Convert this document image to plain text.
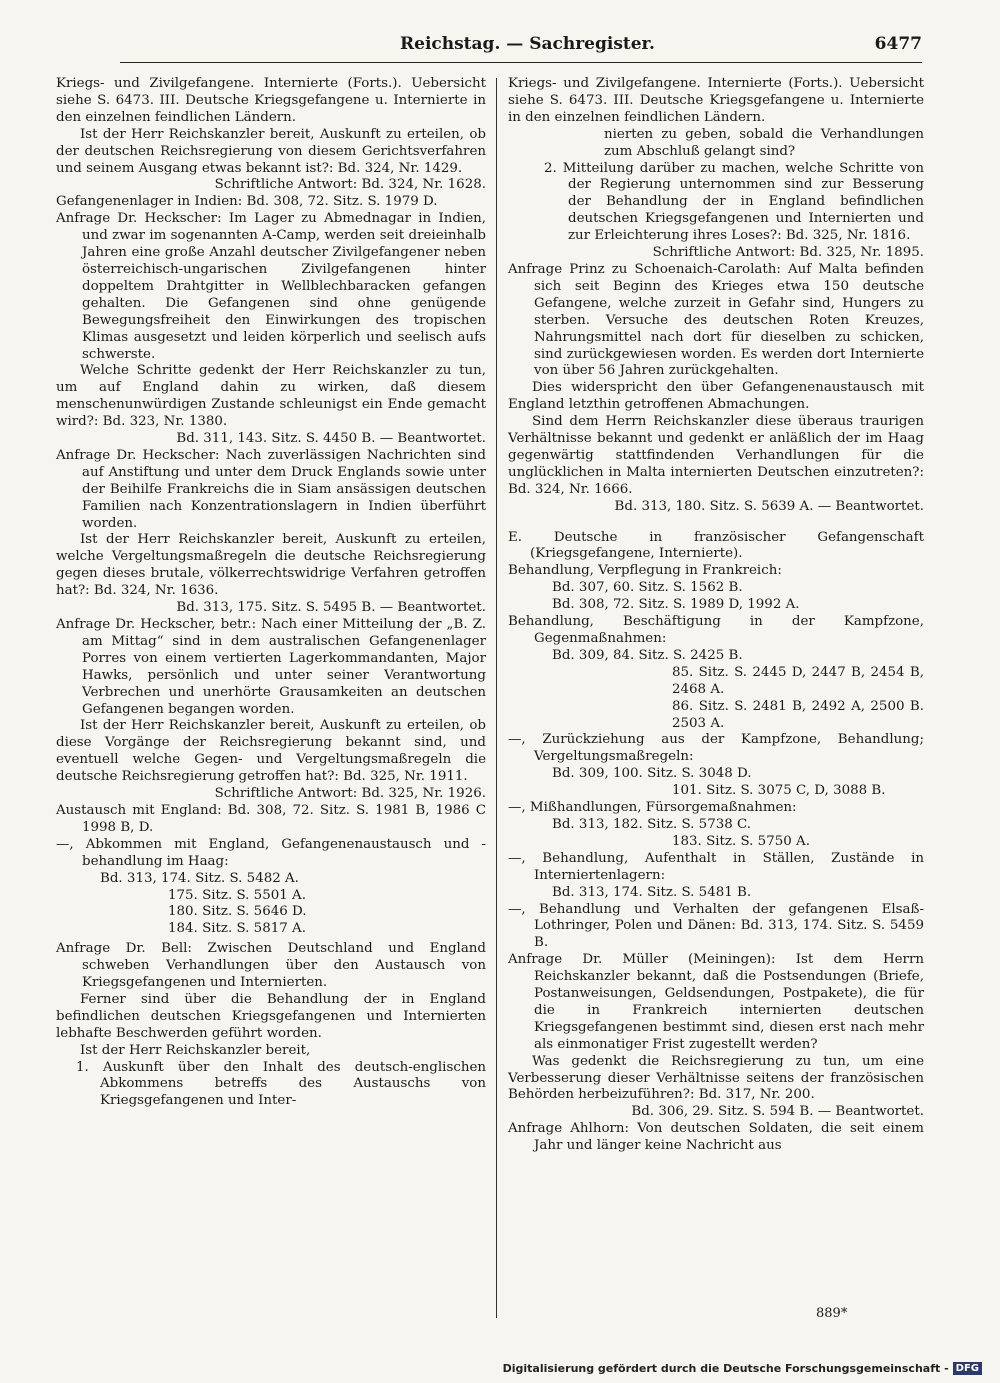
Reichstag. — Sachregister.	6477

Kriegs- und Zivilgefangene. Internierte (Forts.). Uebersicht siehe S. 6473. III. Deutsche Kriegsgefangene u. Internierte in den einzelnen feindlichen Ländern.

Ist der Herr Reichskanzler bereit, Auskunft zu erteilen, ob der deutschen Reichsregierung von diesem Gerichtsverfahren und seinem Ausgang etwas bekannt ist?: Bd. 324, Nr. 1429.

Schriftliche Antwort: Bd. 324, Nr. 1628.

Gefangenenlager in Indien: Bd. 308, 72. Sitz. S. 1979 D.

Anfrage Dr. Heckscher: Im Lager zu Abmednagar in Indien, und zwar im sogenannten A-Camp, werden seit dreieinhalb Jahren eine große Anzahl deutscher Zivilgefangener neben österreichisch-ungarischen Zivilgefangenen hinter doppeltem Drahtgitter in Wellblechbaracken gefangen gehalten. Die Gefangenen sind ohne genügende Bewegungsfreiheit den Einwirkungen des tropischen Klimas ausgesetzt und leiden körperlich und seelisch aufs schwerste.

Welche Schritte gedenkt der Herr Reichskanzler zu tun, um auf England dahin zu wirken, daß diesem menschenunwürdigen Zustande schleunigst ein Ende gemacht wird?: Bd. 323, Nr. 1380.

Bd. 311, 143. Sitz. S. 4450 B. — Beantwortet.

Anfrage Dr. Heckscher: Nach zuverlässigen Nachrichten sind auf Anstiftung und unter dem Druck Englands sowie unter der Beihilfe Frankreichs die in Siam ansässigen deutschen Familien nach Konzentrationslagern in Indien überführt worden.

Ist der Herr Reichskanzler bereit, Auskunft zu erteilen, welche Vergeltungsmaßregeln die deutsche Reichsregierung gegen dieses brutale, völkerrechtswidrige Verfahren getroffen hat?: Bd. 324, Nr. 1636.

Bd. 313, 175. Sitz. S. 5495 B. — Beantwortet.

Anfrage Dr. Heckscher, betr.: Nach einer Mitteilung der „B. Z. am Mittag“ sind in dem australischen Gefangenenlager Porres von einem vertierten Lagerkommandanten, Major Hawks, persönlich und unter seiner Verantwortung Verbrechen und unerhörte Grausamkeiten an deutschen Gefangenen begangen worden.

Ist der Herr Reichskanzler bereit, Auskunft zu erteilen, ob diese Vorgänge der Reichsregierung bekannt sind, und eventuell welche Gegen- und Vergeltungsmaßregeln die deutsche Reichsregierung getroffen hat?: Bd. 325, Nr. 1911.

Schriftliche Antwort: Bd. 325, Nr. 1926.

Austausch mit England: Bd. 308, 72. Sitz. S. 1981 B, 1986 C 1998 B, D.

—, Abkommen mit England, Gefangenenaustausch und -behandlung im Haag:

Bd. 313, 174. Sitz. S. 5482 A.

175. Sitz. S. 5501 A.

180. Sitz. S. 5646 D.

184. Sitz. S. 5817 A.

Anfrage Dr. Bell: Zwischen Deutschland und England schweben Verhandlungen über den Austausch von Kriegsgefangenen und Internierten.

Ferner sind über die Behandlung der in England befindlichen deutschen Kriegsgefangenen und Internierten lebhafte Beschwerden geführt worden.

Ist der Herr Reichskanzler bereit,

1. Auskunft über den Inhalt des deutsch-englischen Abkommens betreffs des Austauschs von Kriegsgefangenen und Inter-

Kriegs- und Zivilgefangene. Internierte (Forts.). Uebersicht siehe S. 6473. III. Deutsche Kriegsgefangene u. Internierte in den einzelnen feindlichen Ländern.

nierten zu geben, sobald die Verhandlungen zum Abschluß gelangt sind?

2. Mitteilung darüber zu machen, welche Schritte von der Regierung unternommen sind zur Besserung der Behandlung der in England befindlichen deutschen Kriegsgefangenen und Internierten und zur Erleichterung ihres Loses?: Bd. 325, Nr. 1816.

Schriftliche Antwort: Bd. 325, Nr. 1895.

Anfrage Prinz zu Schoenaich-Carolath: Auf Malta befinden sich seit Beginn des Krieges etwa 150 deutsche Gefangene, welche zurzeit in Gefahr sind, Hungers zu sterben. Versuche des deutschen Roten Kreuzes, Nahrungsmittel nach dort für dieselben zu schicken, sind zurückgewiesen worden. Es werden dort Internierte von über 56 Jahren zurückgehalten.

Dies widerspricht den über Gefangenenaustausch mit England letzthin getroffenen Abmachungen.

Sind dem Herrn Reichskanzler diese überaus traurigen Verhältnisse bekannt und gedenkt er anläßlich der im Haag gegenwärtig stattfindenden Verhandlungen für die unglücklichen in Malta internierten Deutschen einzutreten?: Bd. 324, Nr. 1666.

Bd. 313, 180. Sitz. S. 5639 A. — Beantwortet.

E. Deutsche in französischer Gefangenschaft (Kriegsgefangene, Internierte).

Behandlung, Verpflegung in Frankreich:

Bd. 307, 60. Sitz. S. 1562 B.

Bd. 308, 72. Sitz. S. 1989 D, 1992 A.

Behandlung, Beschäftigung in der Kampfzone, Gegenmaßnahmen:

Bd. 309, 84. Sitz. S. 2425 B.

85. Sitz. S. 2445 D, 2447 B, 2454 B, 2468 A.

86. Sitz. S. 2481 B, 2492 A, 2500 B. 2503 A.

—, Zurückziehung aus der Kampfzone, Behandlung; Vergeltungsmaßregeln:

Bd. 309, 100. Sitz. S. 3048 D.

101. Sitz. S. 3075 C, D, 3088 B.

—, Mißhandlungen, Fürsorgemaßnahmen:

Bd. 313, 182. Sitz. S. 5738 C.

183. Sitz. S. 5750 A.

—, Behandlung, Aufenthalt in Ställen, Zustände in Interniertenlagern:

Bd. 313, 174. Sitz. S. 5481 B.

—, Behandlung und Verhalten der gefangenen Elsaß-Lothringer, Polen und Dänen: Bd. 313, 174. Sitz. S. 5459 B.

Anfrage Dr. Müller (Meiningen): Ist dem Herrn Reichskanzler bekannt, daß die Postsendungen (Briefe, Postanweisungen, Geldsendungen, Postpakete), die für die in Frankreich internierten deutschen Kriegsgefangenen bestimmt sind, diesen erst nach mehr als einmonatiger Frist zugestellt werden?

Was gedenkt die Reichsregierung zu tun, um eine Verbesserung dieser Verhältnisse seitens der französischen Behörden herbeizuführen?: Bd. 317, Nr. 200.

Bd. 306, 29. Sitz. S. 594 B. — Beantwortet.

Anfrage Ahlhorn: Von deutschen Soldaten, die seit einem Jahr und länger keine Nachricht aus

889*
Digitalisierung gefördert durch die Deutsche Forschungsgemeinschaft - DFG
